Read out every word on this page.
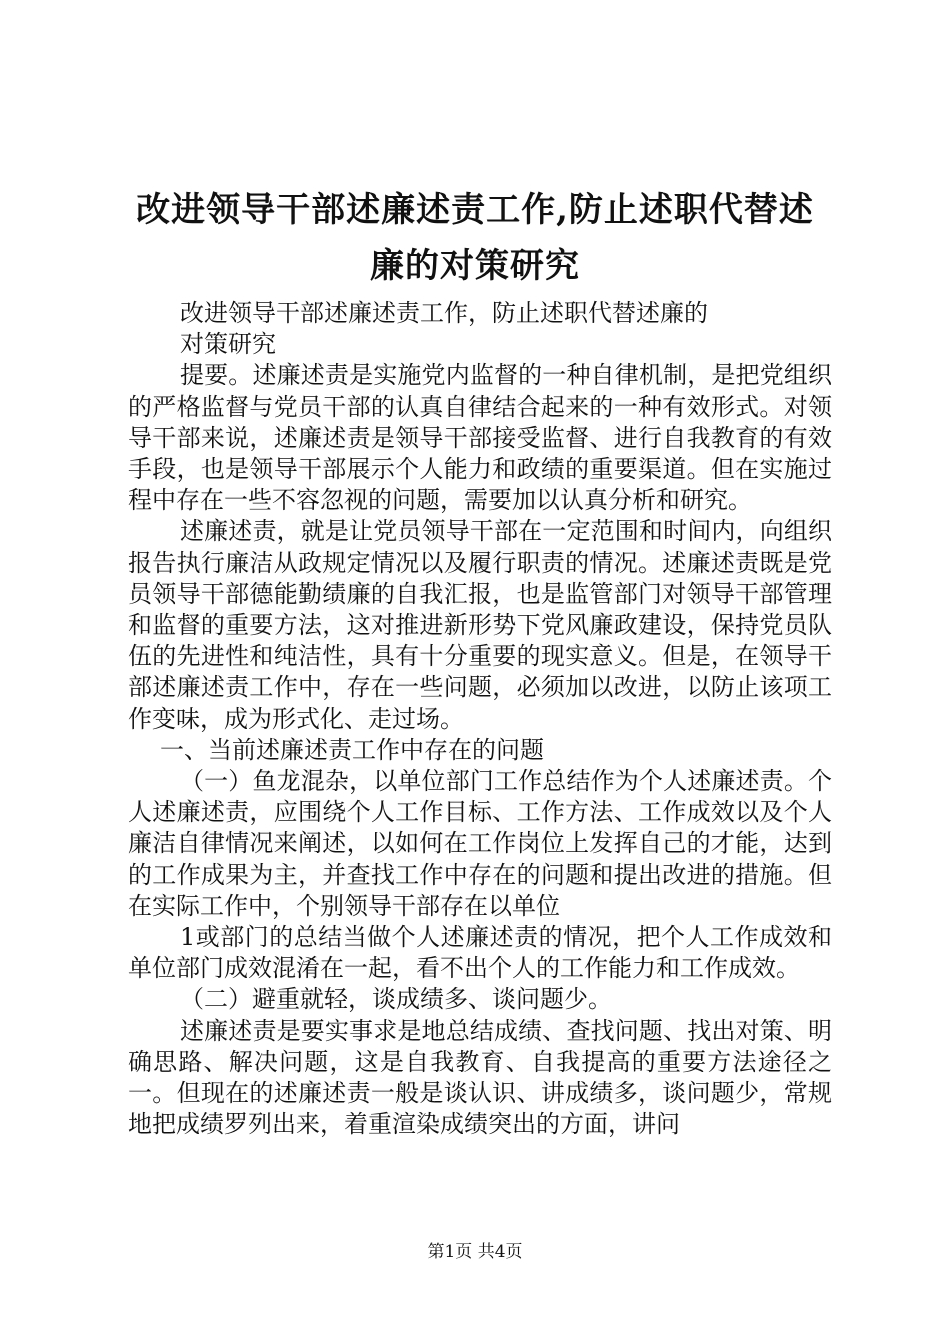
改进领导干部述廉述责工作,防止述职代替述
廉的对策研究

改进领导干部述廉述责工作，防止述职代替述廉的

对策研究

提要。述廉述责是实施党内监督的一种自律机制，是把党组织的严格监督与党员干部的认真自律结合起来的一种有效形式。对领导干部来说，述廉述责是领导干部接受监督、进行自我教育的有效手段，也是领导干部展示个人能力和政绩的重要渠道。但在实施过程中存在一些不容忽视的问题，需要加以认真分析和研究。

述廉述责，就是让党员领导干部在一定范围和时间内，向组织报告执行廉洁从政规定情况以及履行职责的情况。述廉述责既是党员领导干部德能勤绩廉的自我汇报，也是监管部门对领导干部管理和监督的重要方法，这对推进新形势下党风廉政建设，保持党员队伍的先进性和纯洁性，具有十分重要的现实意义。但是，在领导干部述廉述责工作中，存在一些问题，必须加以改进，以防止该项工作变味，成为形式化、走过场。

一、当前述廉述责工作中存在的问题

（一）鱼龙混杂，以单位部门工作总结作为个人述廉述责。个人述廉述责，应围绕个人工作目标、工作方法、工作成效以及个人廉洁自律情况来阐述，以如何在工作岗位上发挥自己的才能，达到的工作成果为主，并查找工作中存在的问题和提出改进的措施。但在实际工作中，个别领导干部存在以单位

1或部门的总结当做个人述廉述责的情况，把个人工作成效和单位部门成效混淆在一起，看不出个人的工作能力和工作成效。

（二）避重就轻，谈成绩多、谈问题少。

述廉述责是要实事求是地总结成绩、查找问题、找出对策、明确思路、解决问题，这是自我教育、自我提高的重要方法途径之一。但现在的述廉述责一般是谈认识、讲成绩多，谈问题少，常规地把成绩罗列出来，着重渲染成绩突出的方面，讲问

第1页 共4页
